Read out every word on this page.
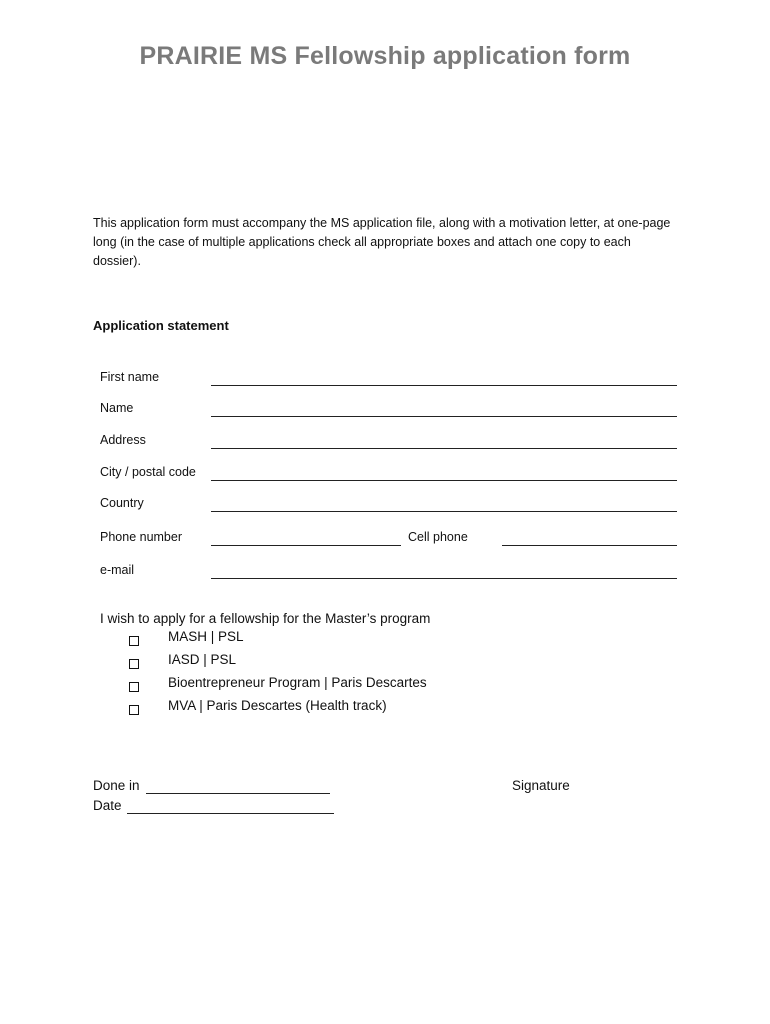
PRAIRIE MS Fellowship application form
This application form must accompany the MS application file, along with a motivation letter, at one-page long (in the case of multiple applications check all appropriate boxes and attach one copy to each dossier).
Application statement
First name
Name
Address
City / postal code
Country
Phone number	Cell phone
e-mail
I wish to apply for a fellowship for the Master’s program
MASH | PSL
IASD | PSL
Bioentrepreneur Program | Paris Descartes
MVA | Paris Descartes (Health track)
Done in	Signature
Date
